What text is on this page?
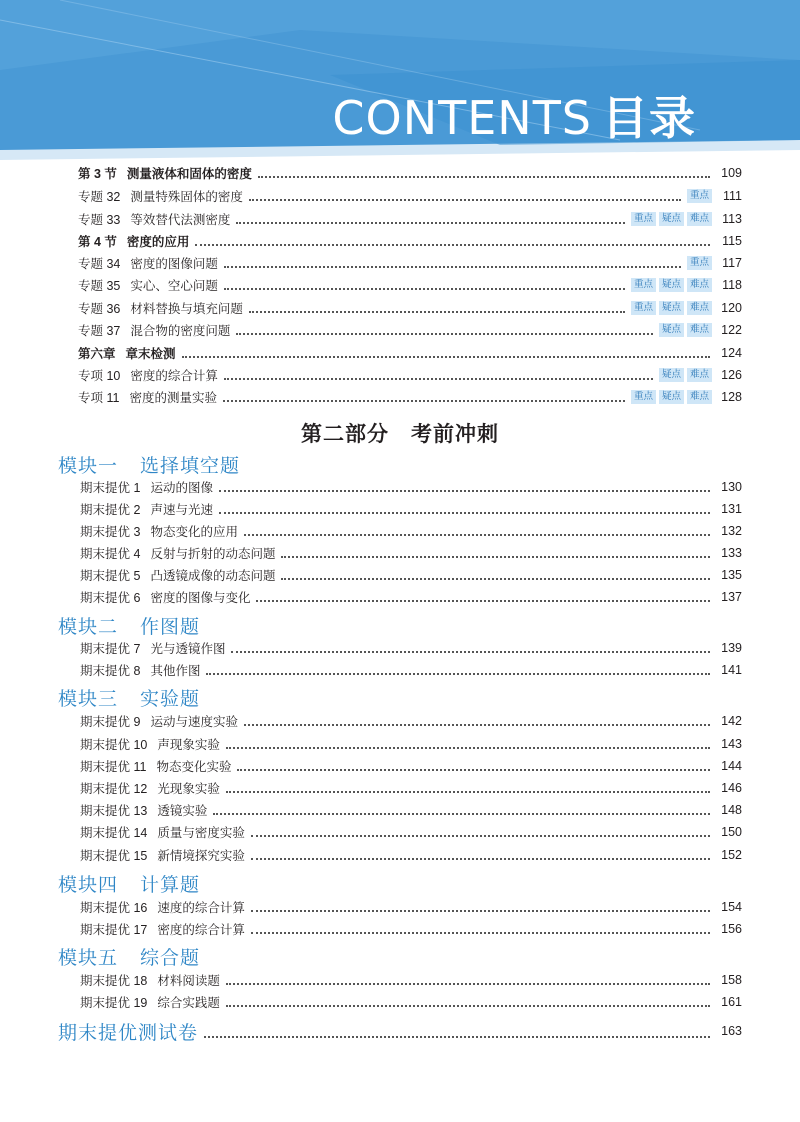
CONTENTS 目录
第 3 节 测量液体和固体的密度	109
专题 32 测量特殊固体的密度	重点	111
专题 33 等效替代法测密度	重点 疑点 难点	113
第 4 节 密度的应用	115
专题 34 密度的图像问题	重点	117
专题 35 实心、空心问题	重点 疑点 难点	118
专题 36 材料替换与填充问题	重点 疑点 难点 120
专题 37 混合物的密度问题	疑点 难点 122
第六章 章末检测	124
专项 10 密度的综合计算	疑点 难点 126
专项 11 密度的测量实验	重点 疑点 难点 128
第二部分　考前冲刺
模块一 选择填空题
期末提优 1 运动的图像	130
期末提优 2 声速与光速	131
期末提优 3 物态变化的应用	132
期末提优 4 反射与折射的动态问题	133
期末提优 5 凸透镜成像的动态问题	135
期末提优 6 密度的图像与变化	137
模块二 作图题
期末提优 7 光与透镜作图	139
期末提优 8 其他作图	141
模块三 实验题
期末提优 9 运动与速度实验	142
期末提优 10 声现象实验	143
期末提优 11 物态变化实验	144
期末提优 12 光现象实验	146
期末提优 13 透镜实验	148
期末提优 14 质量与密度实验	150
期末提优 15 新情境探究实验	152
模块四 计算题
期末提优 16 速度的综合计算	154
期末提优 17 密度的综合计算	156
模块五 综合题
期末提优 18 材料阅读题	158
期末提优 19 综合实践题	161
期末提优测试卷	163
